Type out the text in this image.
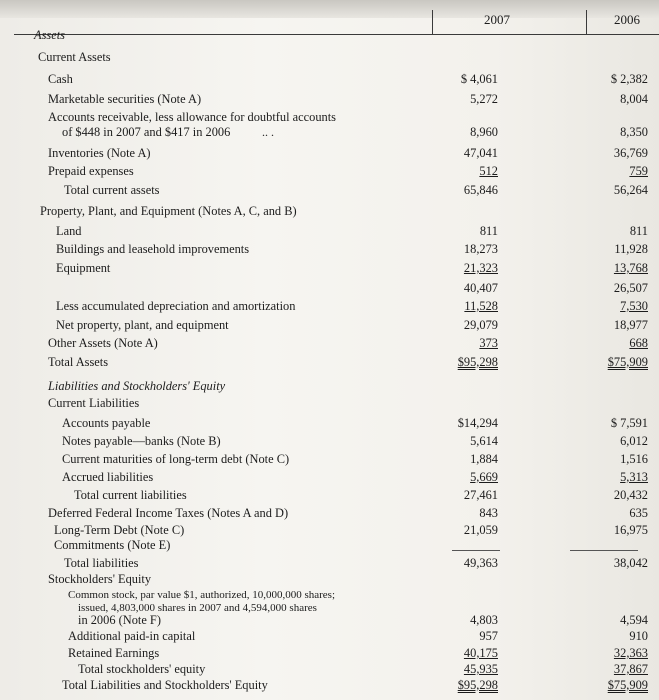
2007	2006
Assets
Current Assets
Cash	$ 4,061	$ 2,382
Marketable securities (Note A)	5,272	8,004
Accounts receivable, less allowance for doubtful accounts
of $448 in 2007 and $417 in 2006	.. .	8,960	8,350
Inventories (Note A)	47,041	36,769
Prepaid expenses	512	759
Total current assets	65,846	56,264
Property, Plant, and Equipment (Notes A, C, and B)
Land	811	811
Buildings and leasehold improvements	18,273	11,928
Equipment	21,323	13,768
40,407	26,507
Less accumulated depreciation and amortization	11,528	7,530
Net property, plant, and equipment	29,079	18,977
Other Assets (Note A)	373	668
Total Assets	$95,298	$75,909
Liabilities and Stockholders' Equity
Current Liabilities
Accounts payable	$14,294	$ 7,591
Notes payable—banks (Note B)	5,614	6,012
Current maturities of long-term debt (Note C)	1,884	1,516
Accrued liabilities	5,669	5,313
Total current liabilities	27,461	20,432
Deferred Federal Income Taxes (Notes A and D)	843	635
Long-Term Debt (Note C)	21,059	16,975
Commitments (Note E)
Total liabilities	49,363	38,042
Stockholders' Equity
Common stock, par value $1, authorized, 10,000,000 shares;
issued, 4,803,000 shares in 2007 and 4,594,000 shares
in 2006 (Note F)	4,803	4,594
Additional paid-in capital	957	910
Retained Earnings	40,175	32,363
Total stockholders' equity	45,935	37,867
Total Liabilities and Stockholders' Equity	$95,298	$75,909
